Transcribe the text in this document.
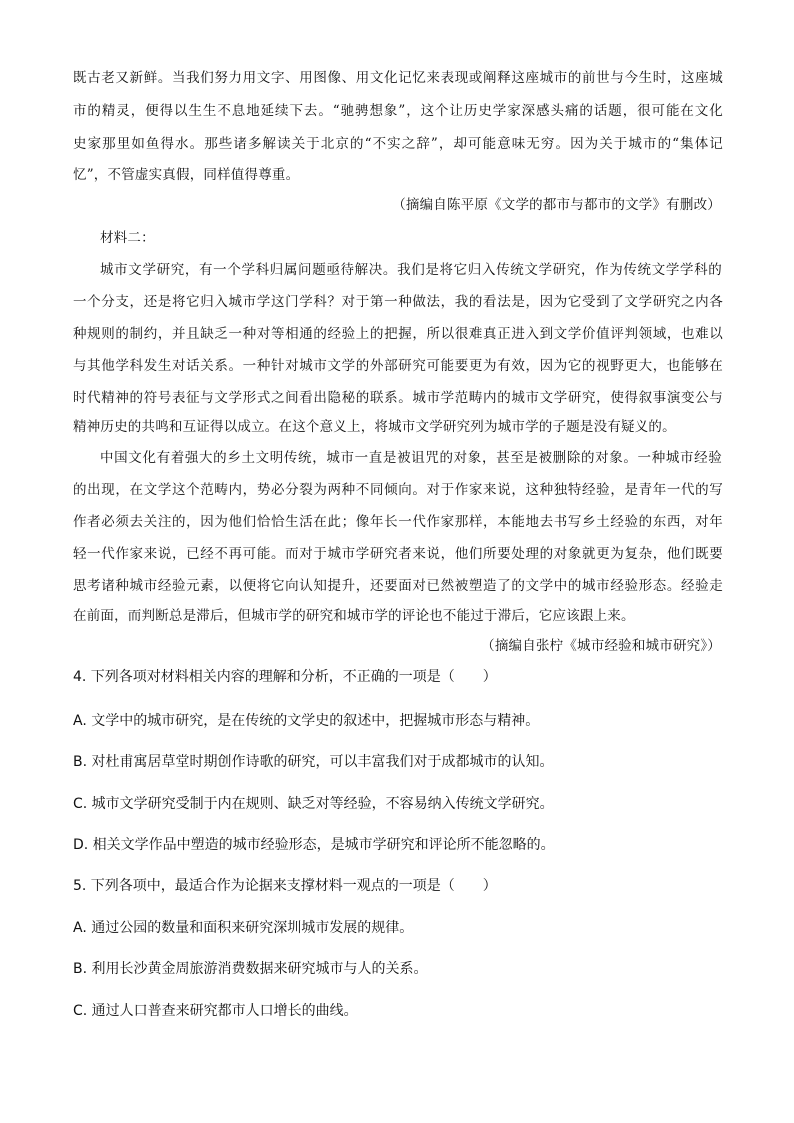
既古老又新鲜。当我们努力用文字、用图像、用文化记忆来表现或阐释这座城市的前世与今生时，这座城
市的精灵，便得以生生不息地延续下去。“驰骋想象”，这个让历史学家深感头痛的话题，很可能在文化
史家那里如鱼得水。那些诸多解读关于北京的“不实之辞”，却可能意味无穷。因为关于城市的“集体记
忆”，不管虚实真假，同样值得尊重。
（摘编自陈平原《文学的都市与都市的文学》有删改）
材料二：
城市文学研究，有一个学科归属问题亟待解决。我们是将它归入传统文学研究，作为传统文学学科的
一个分支，还是将它归入城市学这门学科？对于第一种做法，我的看法是，因为它受到了文学研究之内各
种规则的制约，并且缺乏一种对等相通的经验上的把握，所以很难真正进入到文学价值评判领域，也难以
与其他学科发生对话关系。一种针对城市文学的外部研究可能要更为有效，因为它的视野更大，也能够在
时代精神的符号表征与文学形式之间看出隐秘的联系。城市学范畴内的城市文学研究，使得叙事演变公与
精神历史的共鸣和互证得以成立。在这个意义上，将城市文学研究列为城市学的子题是没有疑义的。
中国文化有着强大的乡土文明传统，城市一直是被诅咒的对象，甚至是被删除的对象。一种城市经验
的出现，在文学这个范畴内，势必分裂为两种不同倾向。对于作家来说，这种独特经验，是青年一代的写
作者必须去关注的，因为他们恰恰生活在此；像年长一代作家那样，本能地去书写乡土经验的东西，对年
轻一代作家来说，已经不再可能。而对于城市学研究者来说，他们所要处理的对象就更为复杂，他们既要
思考诸种城市经验元素，以便将它向认知提升，还要面对已然被塑造了的文学中的城市经验形态。经验走
在前面，而判断总是滞后，但城市学的研究和城市学的评论也不能过于滞后，它应该跟上来。
（摘编自张柠《城市经验和城市研究》）
4. 下列各项对材料相关内容的理解和分析，不正确的一项是（　　）
A. 文学中的城市研究，是在传统的文学史的叙述中，把握城市形态与精神。
B. 对杜甫寓居草堂时期创作诗歌的研究，可以丰富我们对于成都城市的认知。
C. 城市文学研究受制于内在规则、缺乏对等经验，不容易纳入传统文学研究。
D. 相关文学作品中塑造的城市经验形态，是城市学研究和评论所不能忽略的。
5. 下列各项中，最适合作为论据来支撑材料一观点的一项是（　　）
A. 通过公园的数量和面积来研究深圳城市发展的规律。
B. 利用长沙黄金周旅游消费数据来研究城市与人的关系。
C. 通过人口普查来研究都市人口增长的曲线。
